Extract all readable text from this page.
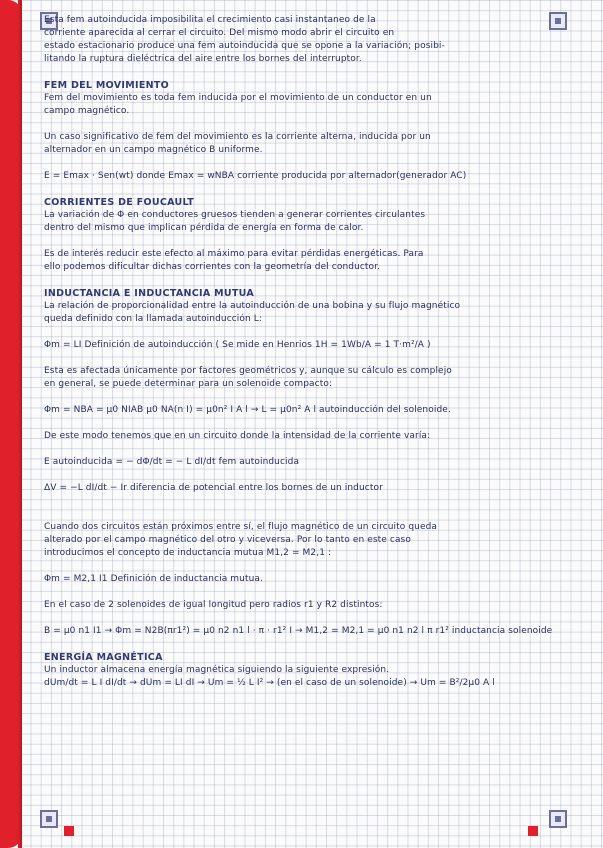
Esta fem autoinducida imposibilita el crecimiento casi instantaneo de la
corriente aparecida al cerrar el circuito. Del mismo modo abrir el circuito en
estado estacionario produce una fem autoinducida que se opone a la variación; posibi-
litando la ruptura dieléctrica del aire entre los bornes del interruptor.
FEM DEL MOVIMIENTO
Fem del movimiento es toda fem inducida por el movimiento de un conductor en un
campo magnético.
Un caso significativo de fem del movimiento es la corriente alterna, inducida por un
alternador en un campo magnético B uniforme.
E = Emax · Sen(wt) donde Emax = wNBA corriente producida por alternador(generador AC)
CORRIENTES DE FOUCAULT
La variación de Φ en conductores gruesos tienden a generar corrientes circulantes
dentro del mismo que implican pérdida de energía en forma de calor.
Es de interés reducir este efecto al máximo para evitar pérdidas energéticas. Para
ello podemos dificultar dichas corrientes con la geometría del conductor.
INDUCTANCIA E INDUCTANCIA MUTUA
La relación de proporcionalidad entre la autoinducción de una bobina y su flujo magnético
queda definido con la llamada autoinducción L:
Φm = LI Definición de autoinducción ( Se mide en Henrios 1H = 1Wb/A = 1 T·m²/A )
Esta es afectada únicamente por factores geométricos y, aunque su cálculo es complejo
en general, se puede determinar para un solenoide compacto:
Φm = NBA = μ0 NIAB μ0 NA(n I) = μ0n² I A l → L = μ0n² A l autoinducción del solenoide.
De este modo tenemos que en un circuito donde la intensidad de la corriente varía:
E autoinducida = − dΦ/dt = − L dI/dt fem autoinducida
ΔV = −L dI/dt − Ir diferencia de potencial entre los bornes de un inductor
Cuando dos circuitos están próximos entre sí, el flujo magnético de un circuito queda
alterado por el campo magnético del otro y viceversa. Por lo tanto en este caso
introducimos el concepto de inductancia mutua M1,2 = M2,1 :
Φm = M2,1 I1 Definición de inductancia mutua.
En el caso de 2 solenoides de igual longitud pero radios r1 y R2 distintos:
B = μ0 n1 I1 → Φm = N2B(πr1²) = μ0 n2 n1 l · π · r1² I → M1,2 = M2,1 = μ0 n1 n2 l π r1² inductancia solenoide
ENERGÍA MAGNÉTICA
Un inductor almacena energía magnética siguiendo la siguiente expresión.
dUm/dt = L I dI/dt → dUm = LI dI → Um = ½ L I² → (en el caso de un solenoide) → Um = B²/2μ0 A l
